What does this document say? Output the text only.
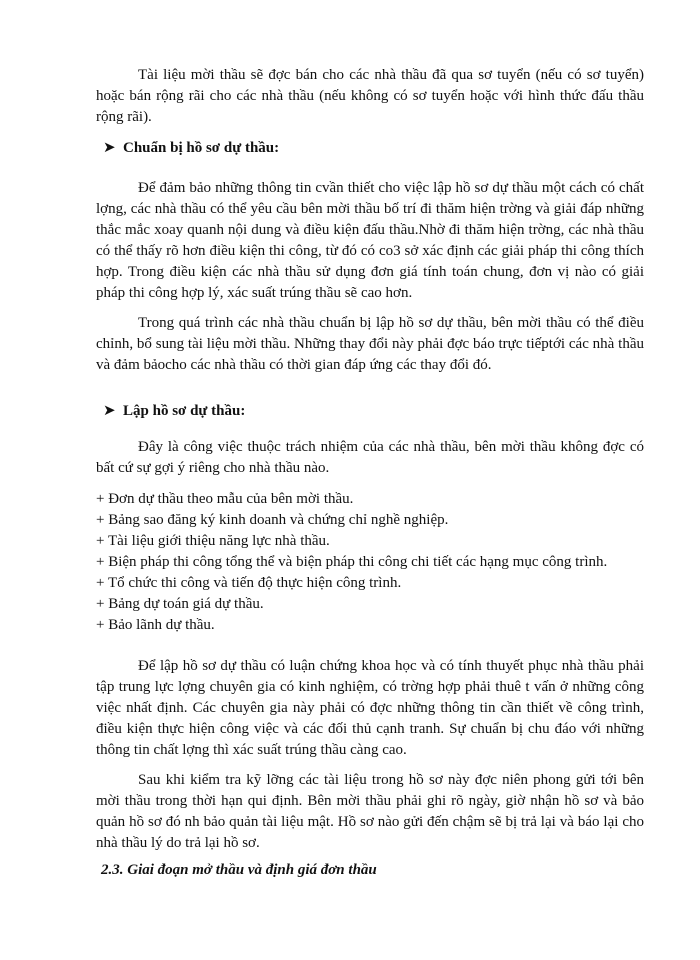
Tài liệu mời thầu sẽ đợc bán cho các nhà thầu đã qua sơ tuyển (nếu có sơ tuyển) hoặc bán rộng rãi cho các nhà thầu (nếu không có sơ tuyển hoặc với hình thức đấu thầu rộng rãi).

➤ Chuẩn bị hồ sơ dự thầu:

Để đảm bảo những thông tin cvần thiết cho việc lập hồ sơ dự thầu một cách có chất lợng, các nhà thầu có thể yêu cầu bên mời thầu bố trí đi thăm hiện trờng và giải đáp những thắc mắc xoay quanh nội dung và điều kiện đấu thầu.Nhờ đi thăm hiện trờng, các nhà thầu có thể thấy rõ hơn điều kiện thi công, từ đó có co3 sở xác định các giải pháp thi công thích hợp. Trong điều kiện các nhà thầu sử dụng đơn giá tính toán chung, đơn vị nào có giải pháp thi công hợp lý, xác suất trúng thầu sẽ cao hơn.

Trong quá trình các nhà thầu chuẩn bị lập hồ sơ dự thầu, bên mời thầu có thể điều chỉnh, bổ sung tài liệu mời thầu. Những thay đổi này phải đợc báo trực tiếptới các nhà thầu và đảm bảocho các nhà thầu có thời gian đáp ứng các thay đổi đó.

➤ Lập hồ sơ dự thầu:

Đây là công việc thuộc trách nhiệm của các nhà thầu, bên mời thầu không đợc có bất cứ sự gợi ý riêng cho nhà thầu nào.

+ Đơn dự thầu theo mẫu của bên mời thầu.
+ Bảng sao đăng ký kinh doanh và chứng chỉ nghề nghiệp.
+ Tài liệu giới thiệu năng lực nhà thầu.
+ Biện pháp thi công tổng thể và biện pháp thi công chi tiết các hạng mục công trình.
+ Tổ chức thi công và tiến độ thực hiện công trình.
+ Bảng dự toán giá dự thầu.
+ Bảo lãnh dự thầu.

Để lập hồ sơ dự thầu có luận chứng khoa học và có tính thuyết phục nhà thầu phải tập trung lực lợng chuyên gia có kinh nghiệm, có trờng hợp phải thuê t vấn ở những công việc nhất định. Các chuyên gia này phải có đợc những thông tin cần thiết về công trình, điều kiện thực hiện công việc và các đối thủ cạnh tranh. Sự chuẩn bị chu đáo với những thông tin chất lợng thì xác suất trúng thầu càng cao.

Sau khi kiểm tra kỹ lỡng các tài liệu trong hồ sơ này đợc niên phong gửi tới bên mời thầu trong thời hạn qui định. Bên mời thầu phải ghi rõ ngày, giờ nhận hồ sơ và bảo quản hồ sơ đó nh bảo quản tài liệu mật. Hồ sơ nào gửi đến chậm sẽ bị trả lại và báo lại cho nhà thầu lý do trả lại hồ sơ.

2.3. Giai đoạn mở thầu và định giá đơn thầu
